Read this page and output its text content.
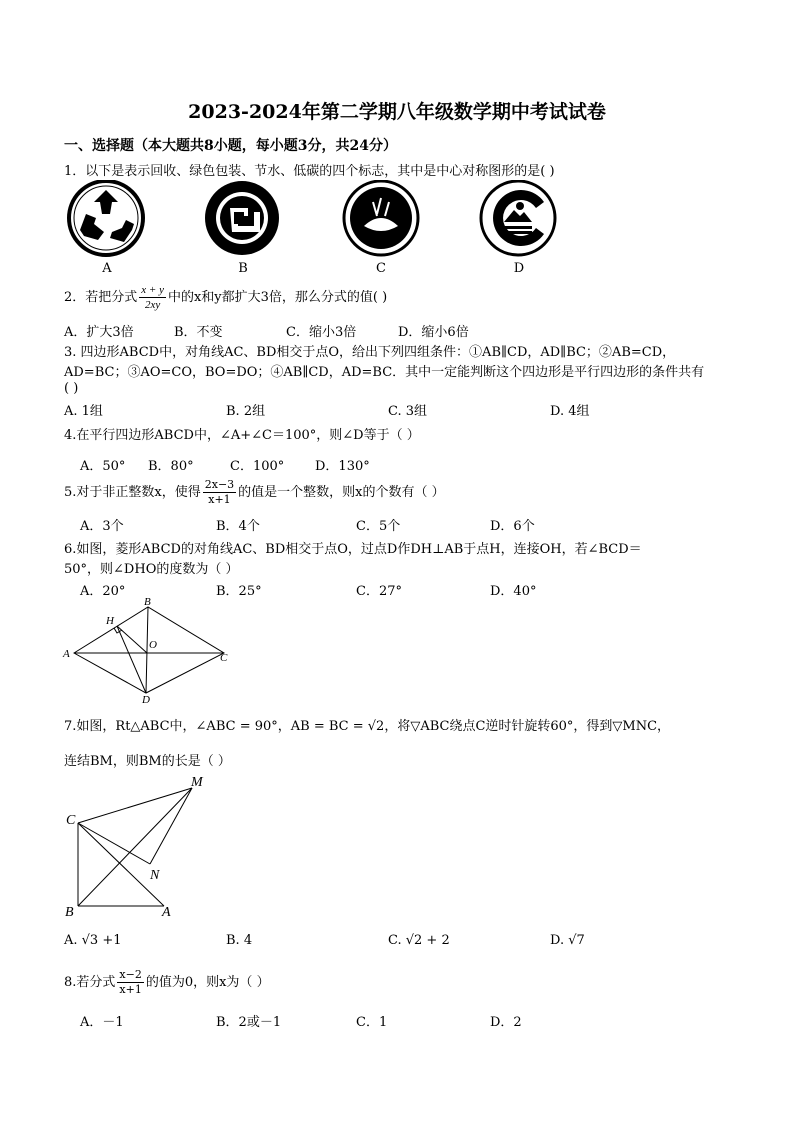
2023-2024年第二学期八年级数学期中考试试卷
一、选择题（本大题共8小题，每小题3分，共24分）
1．以下是表示回收、绿色包装、节水、低碳的四个标志，其中是中心对称图形的是( )
A	B	C	D
2．若把分式 $\frac{x + y}{2xy}$ 中的x和y都扩大3倍，那么分式的值( )
A．扩大3倍	B．不变	C．缩小3倍	D．缩小6倍
3. 四边形ABCD中，对角线AC、BD相交于点O，给出下列四组条件：①AB∥CD，AD∥BC；②AB=CD，
AD=BC；③AO=CO，BO=DO；④AB∥CD，AD=BC．其中一定能判断这个四边形是平行四边形的条件共有
( )
A. 1组	B. 2组	C. 3组	D. 4组
4.在平行四边形ABCD中，∠A+∠C＝100°，则∠D等于（ ）
A．50° B．80°	C．100° D．130°
5.对于非正整数x，使得 $\frac{2x-3}{x+1}$ 的值是一个整数，则x的个数有（ ）
A．3个	B．4个	C．5个	D．6个
6.如图，菱形ABCD的对角线AC、BD相交于点O，过点D作DH⊥AB于点H，连接OH，若∠BCD＝
50°，则∠DHO的度数为（ ）
A．20°	B．25°	C．27°	D．40°
A
B
C
D
H
O
7.如图，Rt△ABC中，∠ABC = 90°，AB = BC = √2，将▽ABC绕点C逆时针旋转60°，得到▽MNC，
连结BM，则BM的长是（ ）
C
M
N
B	A
A. √3 +1	B. 4	C. √2 + 2	D. √7
8.若分式 $\frac{x-2}{x+1}$ 的值为0，则x为（ ）
A．－1	B．2或－1	C．1	D．2
